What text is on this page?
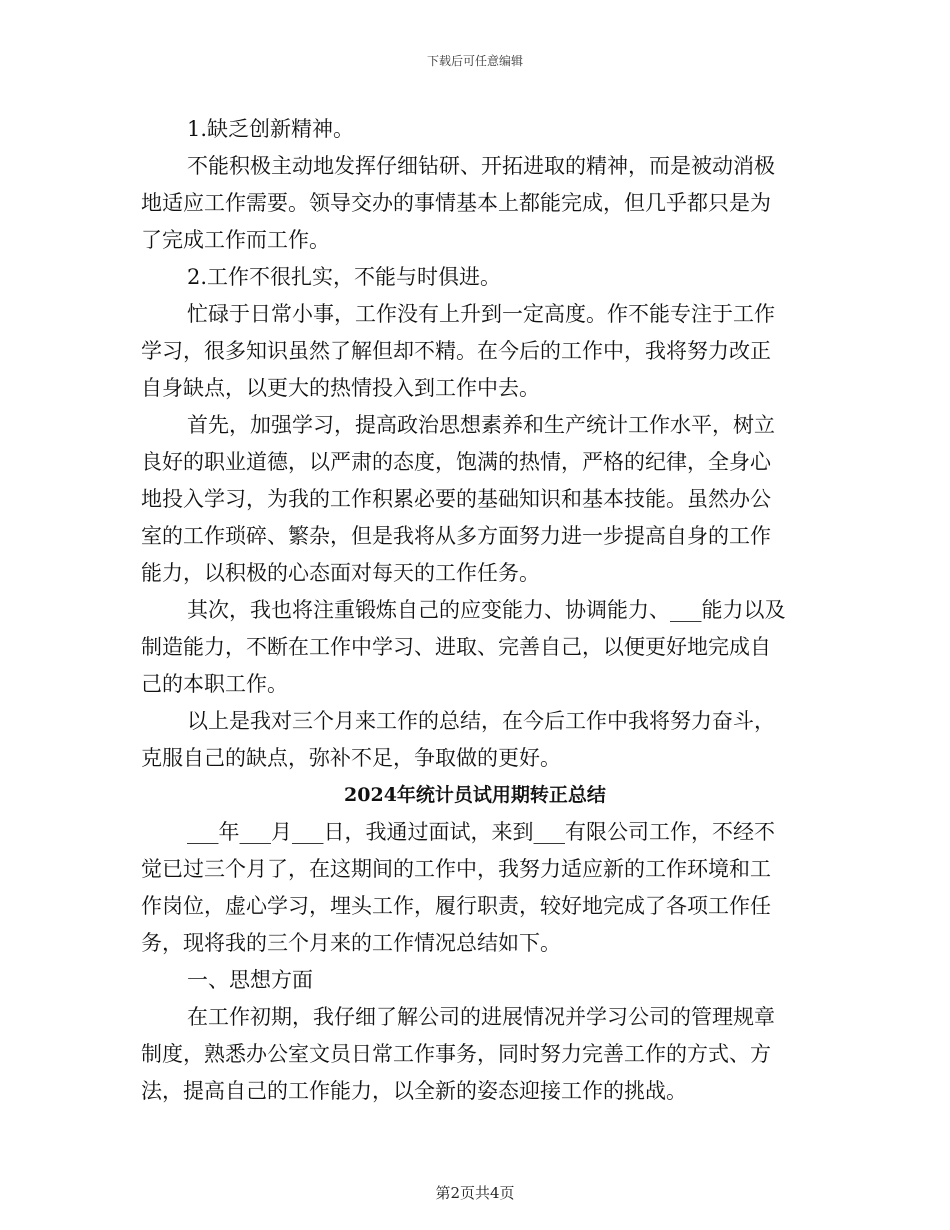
下载后可任意编辑
1.缺乏创新精神。
不能积极主动地发挥仔细钻研、开拓进取的精神，而是被动消极
地适应工作需要。领导交办的事情基本上都能完成，但几乎都只是为
了完成工作而工作。
2.工作不很扎实，不能与时俱进。
忙碌于日常小事，工作没有上升到一定高度。作不能专注于工作
学习，很多知识虽然了解但却不精。在今后的工作中，我将努力改正
自身缺点，以更大的热情投入到工作中去。
首先，加强学习，提高政治思想素养和生产统计工作水平，树立
良好的职业道德，以严肃的态度，饱满的热情，严格的纪律，全身心
地投入学习，为我的工作积累必要的基础知识和基本技能。虽然办公
室的工作琐碎、繁杂，但是我将从多方面努力进一步提高自身的工作
能力，以积极的心态面对每天的工作任务。
其次，我也将注重锻炼自己的应变能力、协调能力、___能力以及
制造能力，不断在工作中学习、进取、完善自己，以便更好地完成自
己的本职工作。
以上是我对三个月来工作的总结，在今后工作中我将努力奋斗，
克服自己的缺点，弥补不足，争取做的更好。
2024年统计员试用期转正总结
___年___月___日，我通过面试，来到___有限公司工作，不经不
觉已过三个月了，在这期间的工作中，我努力适应新的工作环境和工
作岗位，虚心学习，埋头工作，履行职责，较好地完成了各项工作任
务，现将我的三个月来的工作情况总结如下。
一、思想方面
在工作初期，我仔细了解公司的进展情况并学习公司的管理规章
制度，熟悉办公室文员日常工作事务，同时努力完善工作的方式、方
法，提高自己的工作能力，以全新的姿态迎接工作的挑战。
第2页共4页
